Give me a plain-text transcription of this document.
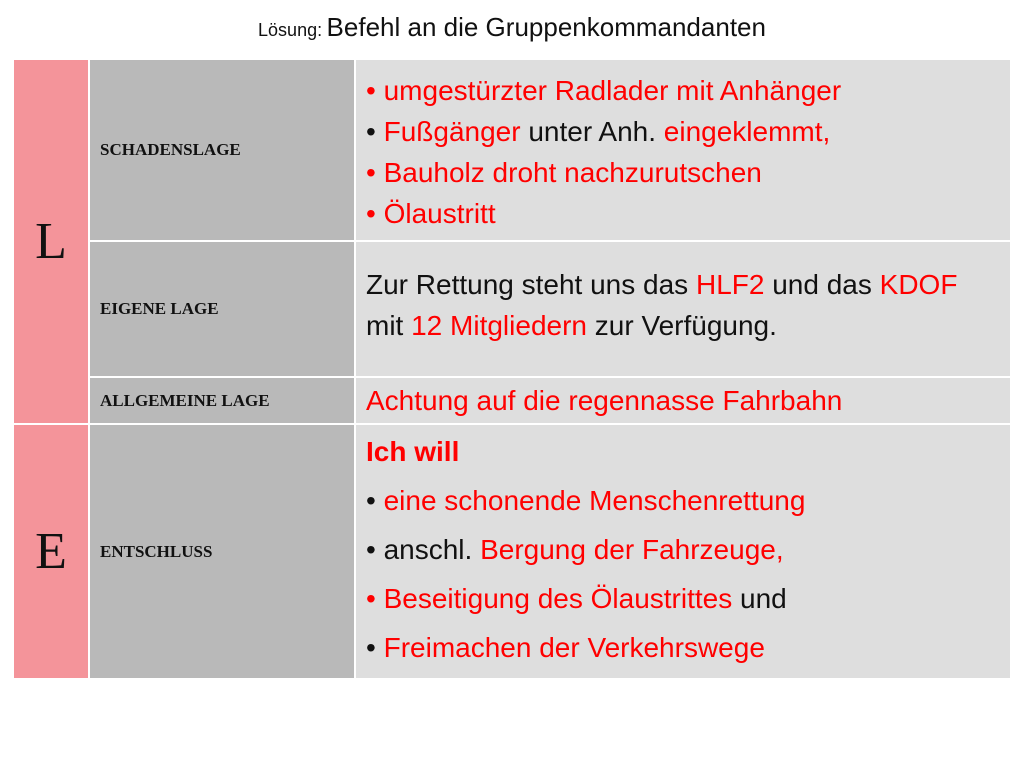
Lösung: Befehl an die Gruppenkommandanten
L	SCHADENSLAGE	• umgestürzter Radlader mit Anhänger
• Fußgänger unter Anh. eingeklemmt,
• Bauholz droht nachzurutschen
• Ölaustritt

	EIGENE LAGE	Zur Rettung steht uns das HLF2 und das KDOF mit 12 Mitgliedern zur Verfügung.
	ALLGEMEINE LAGE	Achtung auf die regennasse Fahrbahn
E	ENTSCHLUSS	Ich will
• eine schonende Menschenrettung
• anschl. Bergung der Fahrzeuge,
• Beseitigung des Ölaustrittes und
• Freimachen der Verkehrswege
